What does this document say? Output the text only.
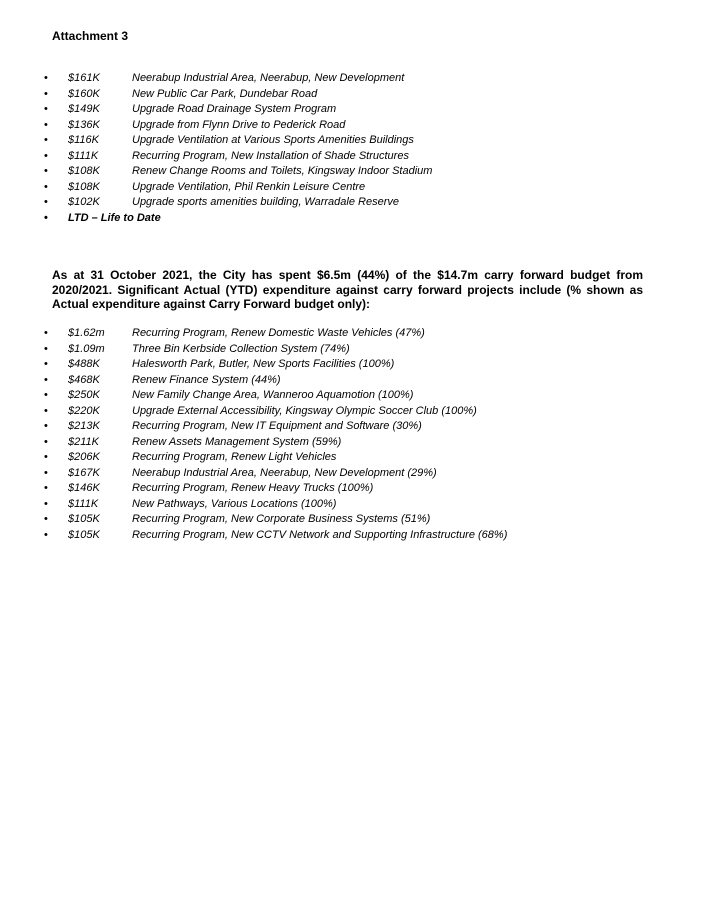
Attachment 3
• $161K	Neerabup Industrial Area, Neerabup, New Development
• $160K	New Public Car Park, Dundebar Road
• $149K	Upgrade Road Drainage System Program
• $136K	Upgrade from Flynn Drive to Pederick Road
• $116K	Upgrade Ventilation at Various Sports Amenities Buildings
• $111K	Recurring Program, New Installation of Shade Structures
• $108K	Renew Change Rooms and Toilets, Kingsway Indoor Stadium
• $108K	Upgrade Ventilation, Phil Renkin Leisure Centre
• $102K	Upgrade sports amenities building, Warradale Reserve
• LTD – Life to Date

As at 31 October 2021, the City has spent $6.5m (44%) of the $14.7m carry forward budget from 2020/2021. Significant Actual (YTD) expenditure against carry forward projects include (% shown as Actual expenditure against Carry Forward budget only):

• $1.62m Recurring Program, Renew Domestic Waste Vehicles (47%)
• $1.09m Three Bin Kerbside Collection System (74%)
• $488K	Halesworth Park, Butler, New Sports Facilities (100%)
• $468K	Renew Finance System (44%)
• $250K	New Family Change Area, Wanneroo Aquamotion (100%)
• $220K	Upgrade External Accessibility, Kingsway Olympic Soccer Club (100%)
• $213K	Recurring Program, New IT Equipment and Software (30%)
• $211K	Renew Assets Management System (59%)
• $206K	Recurring Program, Renew Light Vehicles
• $167K	Neerabup Industrial Area, Neerabup, New Development (29%)
• $146K	Recurring Program, Renew Heavy Trucks (100%)
• $111K	New Pathways, Various Locations (100%)
• $105K	Recurring Program, New Corporate Business Systems (51%)
• $105K	Recurring Program, New CCTV Network and Supporting Infrastructure (68%)
